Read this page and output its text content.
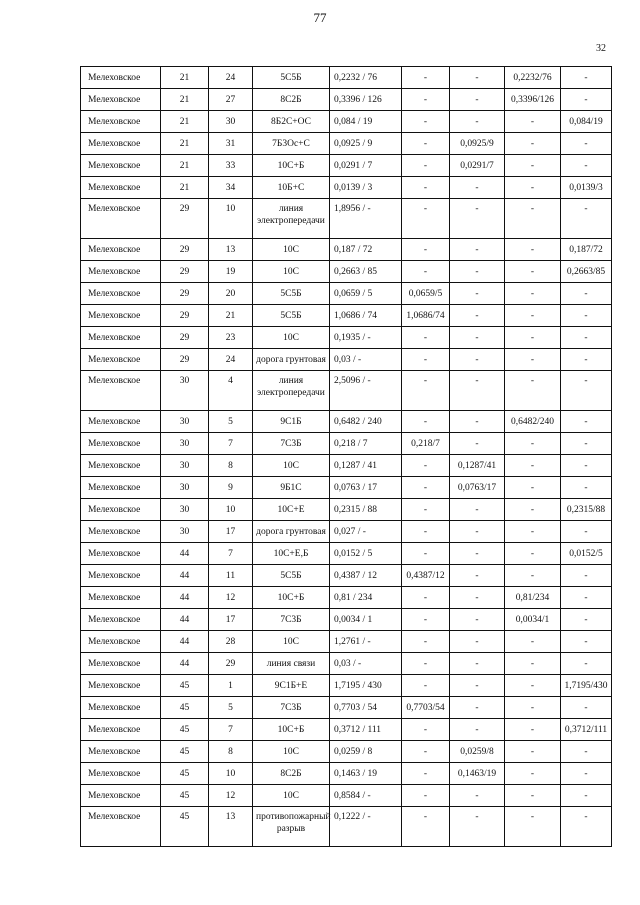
77
32
Мелеховское	21	24	5С5Б	0,2232 / 76	-	-	0,2232/76	-
Мелеховское	21	27	8С2Б	0,3396 / 126	-	-	0,3396/126	-
Мелеховское	21	30	8Б2С+ОС	0,084 / 19	-	-	-	0,084/19
Мелеховское	21	31	7Б3Ос+С	0,0925 / 9	-	0,0925/9	-	-
Мелеховское	21	33	10С+Б	0,0291 / 7	-	0,0291/7	-	-
Мелеховское	21	34	10Б+С	0,0139 / 3	-	-	-	0,0139/3
Мелеховское	29	10	линия электропередачи	1,8956 / -	-	-	-	-
Мелеховское	29	13	10С	0,187 / 72	-	-	-	0,187/72
Мелеховское	29	19	10С	0,2663 / 85	-	-	-	0,2663/85
Мелеховское	29	20	5С5Б	0,0659 / 5	0,0659/5	-	-	-
Мелеховское	29	21	5С5Б	1,0686 / 74	1,0686/74	-	-	-
Мелеховское	29	23	10С	0,1935 / -	-	-	-	-
Мелеховское	29	24	дорога грунтовая	0,03 / -	-	-	-	-
Мелеховское	30	4	линия электропередачи	2,5096 / -	-	-	-	-
Мелеховское	30	5	9С1Б	0,6482 / 240	-	-	0,6482/240	-
Мелеховское	30	7	7С3Б	0,218 / 7	0,218/7	-	-	-
Мелеховское	30	8	10С	0,1287 / 41	-	0,1287/41	-	-
Мелеховское	30	9	9Б1С	0,0763 / 17	-	0,0763/17	-	-
Мелеховское	30	10	10С+Е	0,2315 / 88	-	-	-	0,2315/88
Мелеховское	30	17	дорога грунтовая	0,027 / -	-	-	-	-
Мелеховское	44	7	10С+Е,Б	0,0152 / 5	-	-	-	0,0152/5
Мелеховское	44	11	5С5Б	0,4387 / 12	0,4387/12	-	-	-
Мелеховское	44	12	10С+Б	0,81 / 234	-	-	0,81/234	-
Мелеховское	44	17	7С3Б	0,0034 / 1	-	-	0,0034/1	-
Мелеховское	44	28	10С	1,2761 / -	-	-	-	-
Мелеховское	44	29	линия связи	0,03 / -	-	-	-	-
Мелеховское	45	1	9С1Б+Е	1,7195 / 430	-	-	-	1,7195/430
Мелеховское	45	5	7С3Б	0,7703 / 54	0,7703/54	-	-	-
Мелеховское	45	7	10С+Б	0,3712 / 111	-	-	-	0,3712/111
Мелеховское	45	8	10С	0,0259 / 8	-	0,0259/8	-	-
Мелеховское	45	10	8С2Б	0,1463 / 19	-	0,1463/19	-	-
Мелеховское	45	12	10С	0,8584 / -	-	-	-	-
Мелеховское	45	13	противопожарный разрыв	0,1222 / -	-	-	-	-
